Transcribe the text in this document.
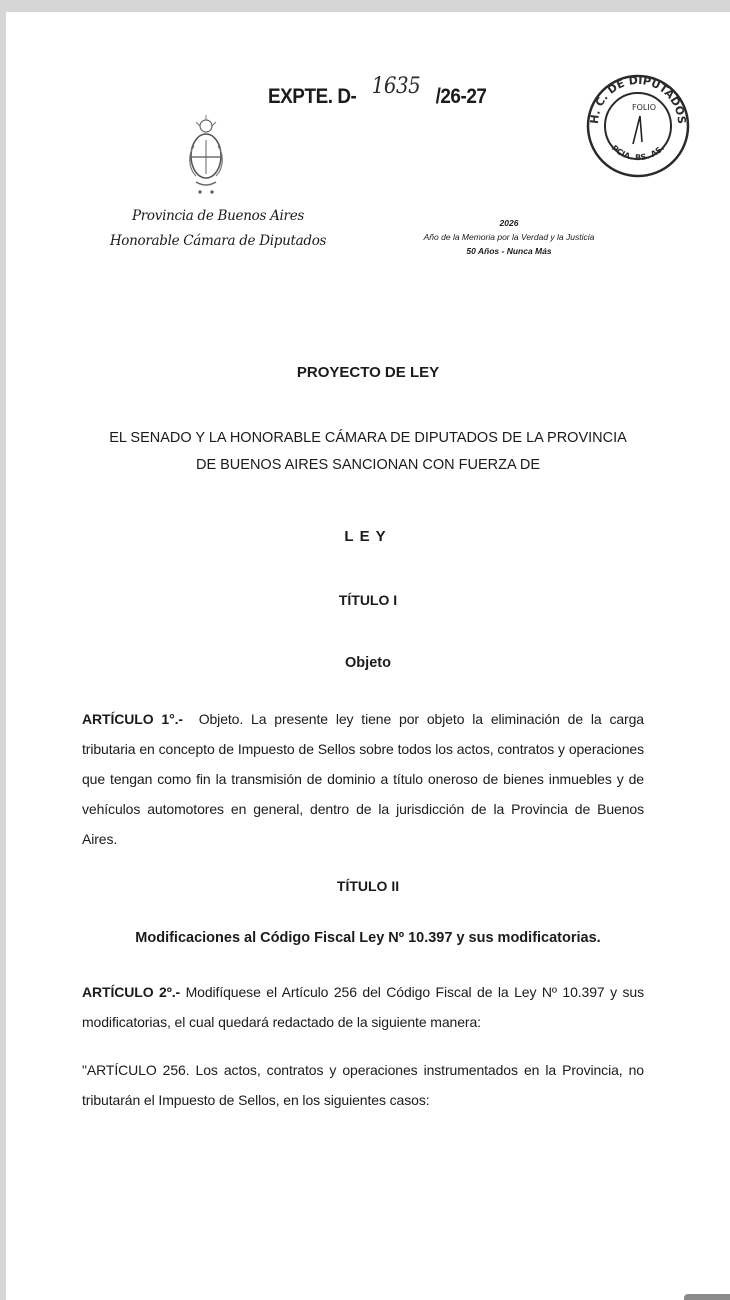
EXPTE. D- 1635 /26-27
H. C. DE DIPUTADOS
PCIA. BS. AS.
FOLIO
Provincia de Buenos Aires
Honorable Cámara de Diputados
2026
Año de la Memoria por la Verdad y la Justicia
50 Años - Nunca Más
PROYECTO DE LEY
EL SENADO Y LA HONORABLE CÁMARA DE DIPUTADOS DE LA PROVINCIA DE BUENOS AIRES SANCIONAN CON FUERZA DE
LEY
TÍTULO I
Objeto
ARTÍCULO 1°.- Objeto. La presente ley tiene por objeto la eliminación de la carga tributaria en concepto de Impuesto de Sellos sobre todos los actos, contratos y operaciones que tengan como fin la transmisión de dominio a título oneroso de bienes inmuebles y de vehículos automotores en general, dentro de la jurisdicción de la Provincia de Buenos Aires.
TÍTULO II
Modificaciones al Código Fiscal Ley Nº 10.397 y sus modificatorias.
ARTÍCULO 2º.- Modifíquese el Artículo 256 del Código Fiscal de la Ley Nº 10.397 y sus modificatorias, el cual quedará redactado de la siguiente manera:
"ARTÍCULO 256. Los actos, contratos y operaciones instrumentados en la Provincia, no tributarán el Impuesto de Sellos, en los siguientes casos:
